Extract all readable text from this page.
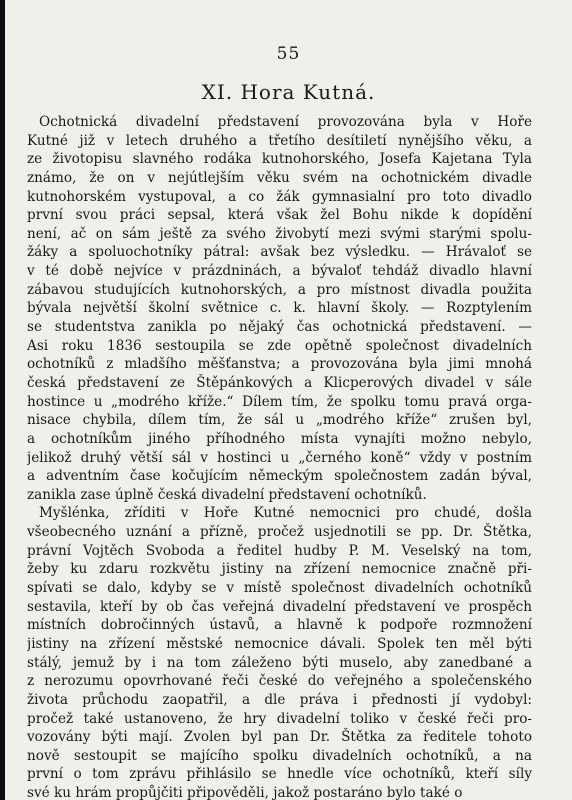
55
XI. Hora Kutná.
Ochotnická divadelní představení provozována byla v Hoře
Kutné již v letech druhého a třetího desítiletí nynějšího věku, a
ze životopisu slavného rodáka kutnohorského, Josefa Kajetana Tyla
známo, že on v nejútlejším věku svém na ochotnickém divadle
kutnohorském vystupoval, a co žák gymnasialní pro toto divadlo
první svou práci sepsal, která však žel Bohu nikde k dopídění
není, ač on sám ještě za svého živobytí mezi svými starými spolu-
žáky a spoluochotníky pátral: avšak bez výsledku. — Hrávaloť se
v té době nejvíce v prázdninách, a bývaloť tehdáž divadlo hlavní
zábavou studujících kutnohorských, a pro místnost divadla použita
bývala největší školní světnice c. k. hlavní školy. — Rozptylením
se studentstva zanikla po nějaký čas ochotnická představení. —
Asi roku 1836 sestoupila se zde opětně společnost divadelních
ochotníků z mladšího měšťanstva; a provozována byla jimi mnohá
česká představení ze Štěpánkových a Klicperových divadel v sále
hostince u „modrého kříže.“ Dílem tím, že spolku tomu pravá orga-
nisace chybila, dílem tím, že sál u „modrého kříže“ zrušen byl,
a ochotníkům jiného příhodného místa vynajíti možno nebylo,
jelikož druhý větší sál v hostinci u „černého koně“ vždy v postním
a adventním čase kočujícím německým společnostem zadán býval,
zanikla zase úplně česká divadelní představení ochotníků.
Myšlénka, zříditi v Hoře Kutné nemocnici pro chudé, došla
všeobecného uznání a přízně, pročež usjednotili se pp. Dr. Štětka,
právní Vojtěch Svoboda a ředitel hudby P. M. Veselský na tom,
žeby ku zdaru rozkvětu jistiny na zřízení nemocnice značně při-
spívati se dalo, kdyby se v místě společnost divadelních ochotníků
sestavila, kteří by ob čas veřejná divadelní představení ve prospěch
místních dobročinných ústavů, a hlavně k podpoře rozmnožení
jistiny na zřízení městské nemocnice dávali. Spolek ten měl býti
stálý, jemuž by i na tom záleženo býti muselo, aby zanedbané a
z nerozumu opovrhované řeči české do veřejného a společenského
života průchodu zaopatřil, a dle práva i přednosti jí vydobyl:
pročež také ustanoveno, že hry divadelní toliko v české řeči pro-
vozovány býti mají. Zvolen byl pan Dr. Štětka za ředitele tohoto
nově sestoupit se majícího spolku divadelních ochotníků, a na
první o tom zprávu přihlásilo se hnedle více ochotníků, kteří síly
své ku hrám propůjčiti připověděli, jakož postaráno bylo také o
